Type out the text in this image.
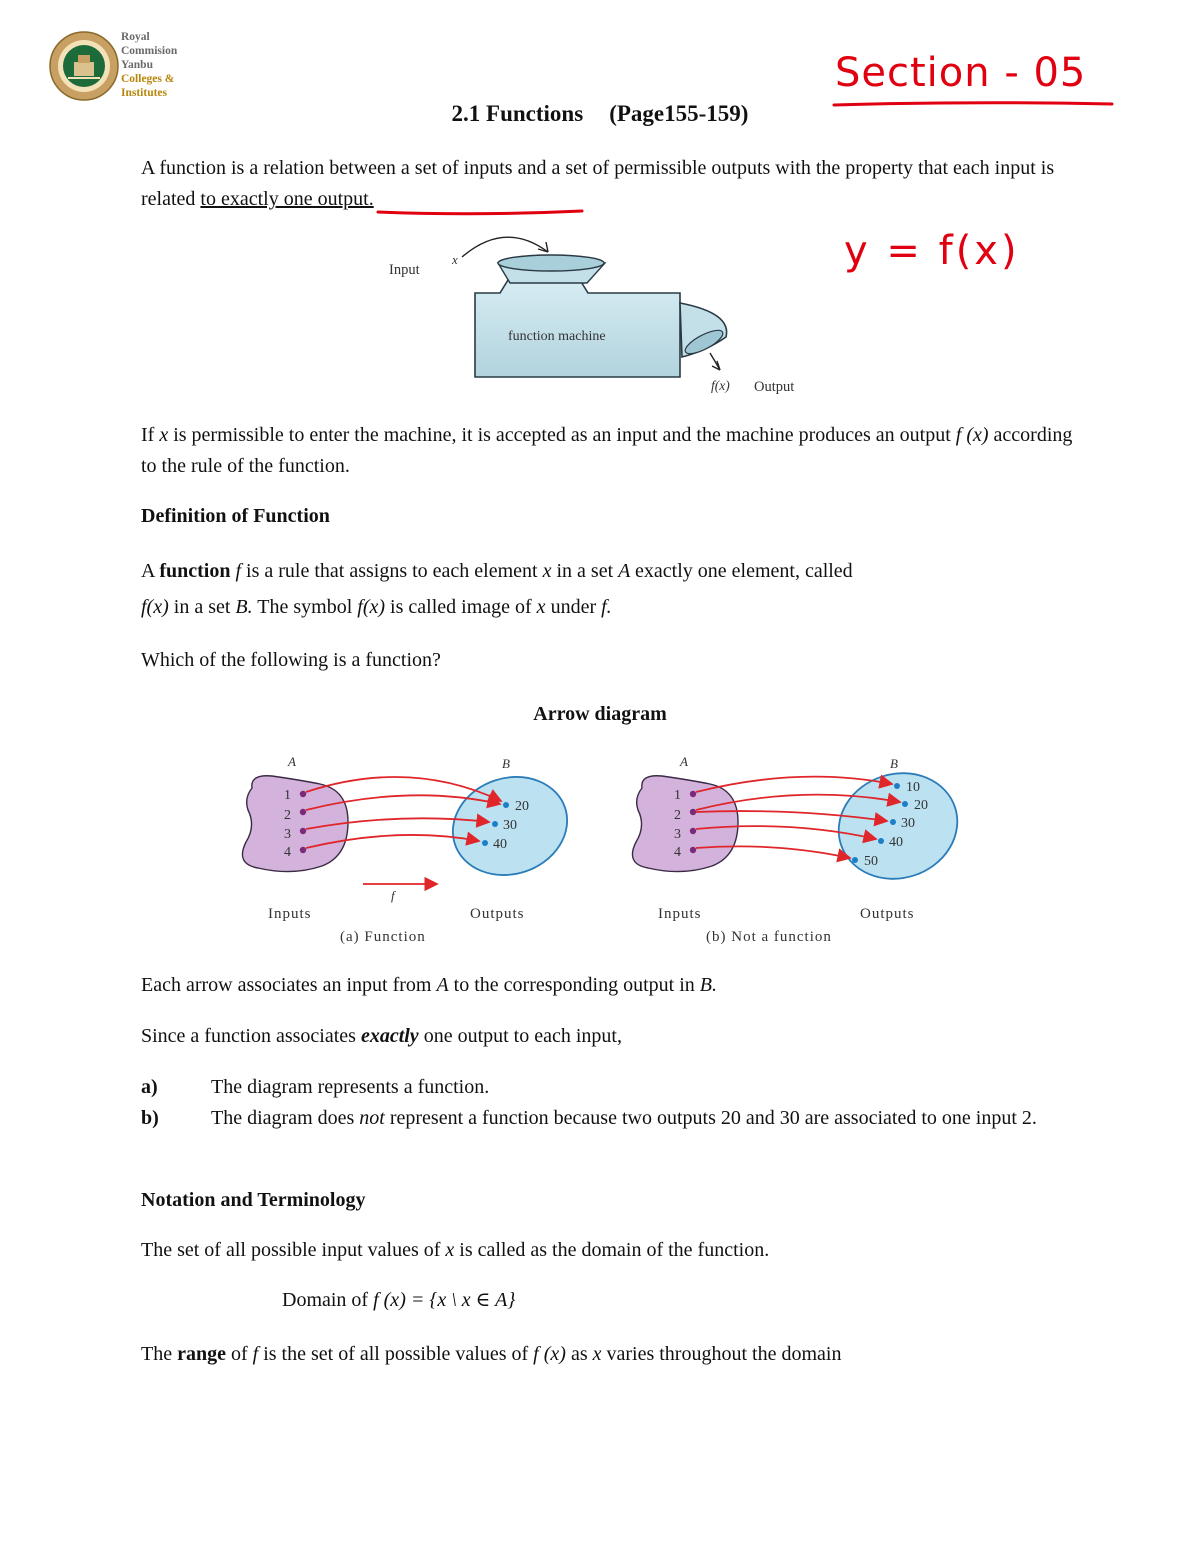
Royal
Commision
Yanbu
Colleges &
Institutes	Section - 05
2.1 Functions (Page155-159)
A function is a relation between a set of inputs and a set of permissible outputs with the property that each input is related to exactly one output.
Input
x
function machine
f(x) Output
y = f(x)
If x is permissible to enter the machine, it is accepted as an input and the machine produces an output f (x) according to the rule of the function.
Definition of Function
A function f is a rule that assigns to each element x in a set A exactly one element, called
f(x) in a set B. The symbol f(x) is called image of x under f.
Which of the following is a function?
Arrow diagram
A	B
1
2
3
4
20
30
40
f
Inputs	Outputs
(a) Function
A	B
1
2
3
4
10
20
30
40
50
Inputs	Outputs
(b) Not a function
Each arrow associates an input from A to the corresponding output in B.
Since a function associates exactly one output to each input,
a)	The diagram represents a function.
b)	The diagram does not represent a function because two outputs 20 and 30 are associated to one input 2.
Notation and Terminology
The set of all possible input values of x is called as the domain of the function.
Domain of f (x) = {x \ x ∈ A}
The range of f is the set of all possible values of f (x) as x varies throughout the domain
